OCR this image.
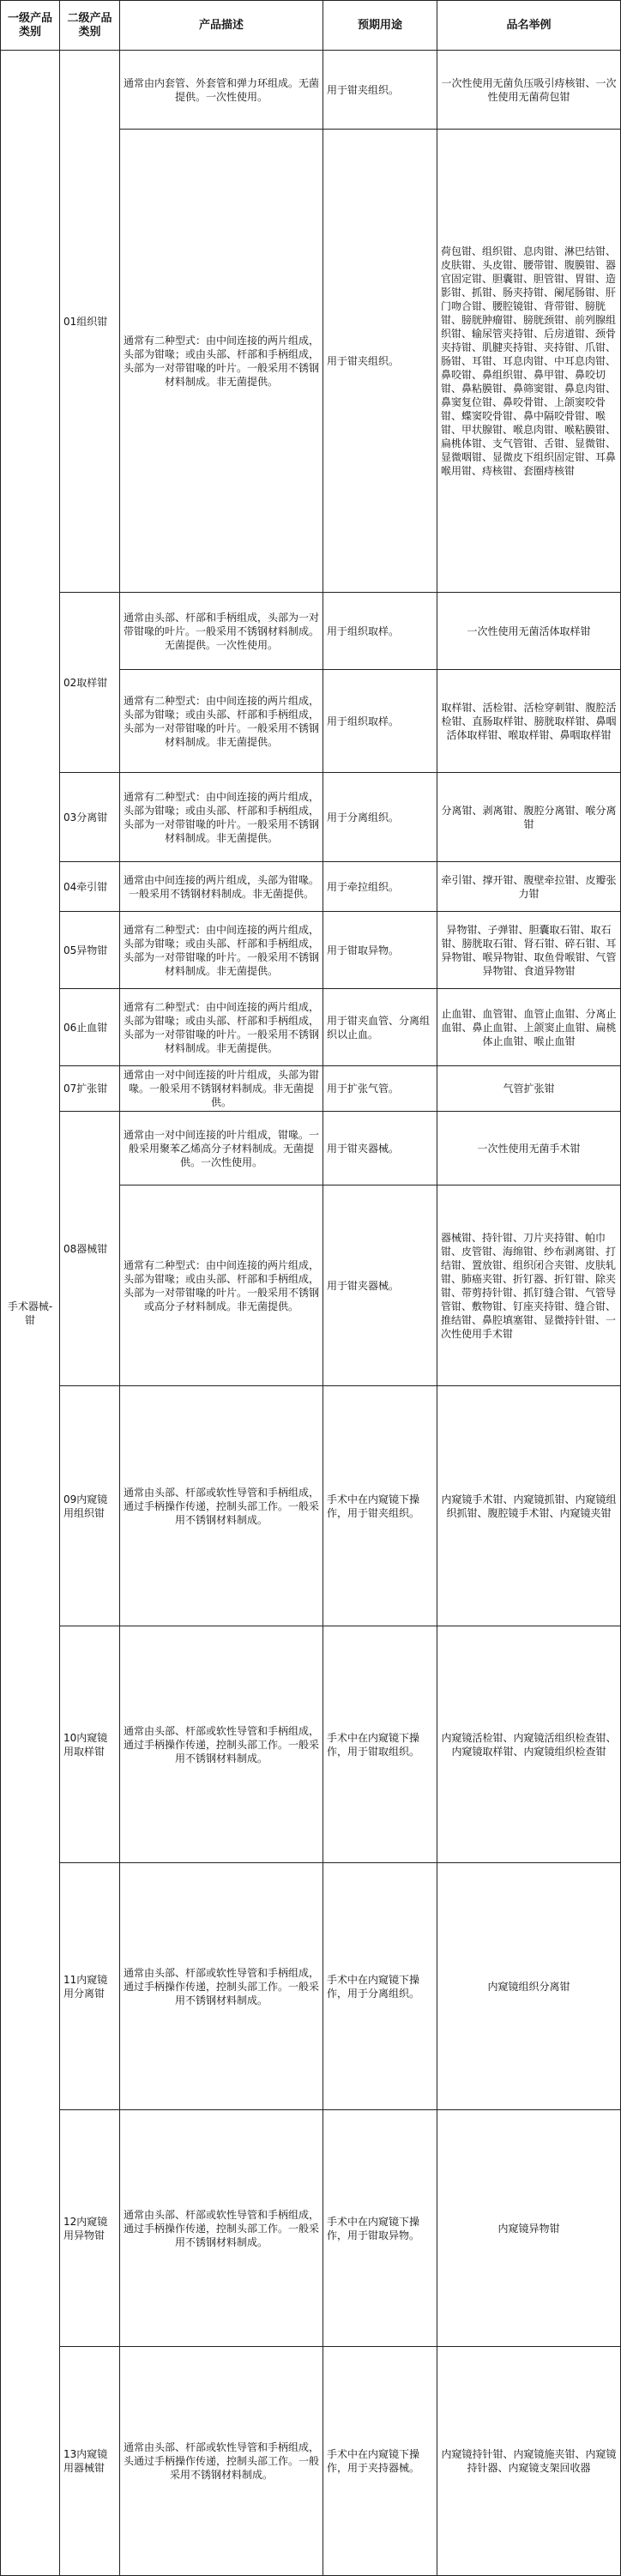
一级产品类别	二级产品类别	产品描述	预期用途	品名举例
手术器械-钳	01组织钳	通常由内套管、外套管和弹力环组成。无菌提供。一次性使用。	用于钳夹组织。	一次性使用无菌负压吸引痔核钳、一次性使用无菌荷包钳
		通常有二种型式：由中间连接的两片组成，头部为钳喙；或由头部、杆部和手柄组成，头部为一对带钳喙的叶片。一般采用不锈钢材料制成。非无菌提供。	用于钳夹组织。	荷包钳、组织钳、息肉钳、淋巴结钳、皮肤钳、头皮钳、腰带钳、腹膜钳、器官固定钳、胆囊钳、胆管钳、胃钳、造影钳、抓钳、肠夹持钳、阑尾肠钳、肝门吻合钳、腰腔镜钳、背带钳、膀胱钳、膀胱肿瘤钳、膀胱颈钳、前列腺组织钳、输尿管夹持钳、后房道钳、颈骨夹持钳、肌腱夹持钳、夹持钳、爪钳、肠钳、耳钳、耳息肉钳、中耳息肉钳、鼻咬钳、鼻组织钳、鼻甲钳、鼻咬切钳、鼻粘膜钳、鼻筛窦钳、鼻息肉钳、鼻窦复位钳、鼻咬骨钳、上颌窦咬骨钳、蝶窦咬骨钳、鼻中隔咬骨钳、喉钳、甲状腺钳、喉息肉钳、喉粘膜钳、扁桃体钳、支气管钳、舌钳、显微钳、显微咽钳、显微皮下组织固定钳、耳鼻喉用钳、痔核钳、套圈痔核钳
	02取样钳	通常由头部、杆部和手柄组成，头部为一对带钳喙的叶片。一般采用不锈钢材料制成。无菌提供。一次性使用。	用于组织取样。	一次性使用无菌活体取样钳
		通常有二种型式：由中间连接的两片组成，头部为钳喙；或由头部、杆部和手柄组成，头部为一对带钳喙的叶片。一般采用不锈钢材料制成。非无菌提供。	用于组织取样。	取样钳、活检钳、活检穿刺钳、腹腔活检钳、直肠取样钳、膀胱取样钳、鼻咽活体取样钳、喉取样钳、鼻咽取样钳
	03分离钳	通常有二种型式：由中间连接的两片组成，头部为钳喙；或由头部、杆部和手柄组成，头部为一对带钳喙的叶片。一般采用不锈钢材料制成。非无菌提供。	用于分离组织。	分离钳、剥离钳、腹腔分离钳、喉分离钳
	04牵引钳	通常由中间连接的两片组成，头部为钳喙。一般采用不锈钢材料制成。非无菌提供。	用于牵拉组织。	牵引钳、撑开钳、腹壁牵拉钳、皮瓣张力钳
	05异物钳	通常有二种型式：由中间连接的两片组成，头部为钳喙；或由头部、杆部和手柄组成，头部为一对带钳喙的叶片。一般采用不锈钢材料制成。非无菌提供。	用于钳取异物。	异物钳、子弹钳、胆囊取石钳、取石钳、膀胱取石钳、肾石钳、碎石钳、耳异物钳、喉异物钳、取鱼骨喉钳、气管异物钳、食道异物钳
	06止血钳	通常有二种型式：由中间连接的两片组成，头部为钳喙；或由头部、杆部和手柄组成，头部为一对带钳喙的叶片。一般采用不锈钢材料制成。非无菌提供。	用于钳夹血管、分离组织以止血。	止血钳、血管钳、血管止血钳、分离止血钳、鼻止血钳、上颌窦止血钳、扁桃体止血钳、喉止血钳
	07扩张钳	通常由一对中间连接的叶片组成，头部为钳喙。一般采用不锈钢材料制成。非无菌提供。	用于扩张气管。	气管扩张钳
	08器械钳	通常由一对中间连接的叶片组成，钳喙。一般采用聚苯乙烯高分子材料制成。无菌提供。一次性使用。	用于钳夹器械。	一次性使用无菌手术钳
		通常有二种型式：由中间连接的两片组成，头部为钳喙；或由头部、杆部和手柄组成，头部为一对带钳喙的叶片。一般采用不锈钢或高分子材料制成。非无菌提供。	用于钳夹器械。	器械钳、持针钳、刀片夹持钳、帕巾钳、皮管钳、海绵钳、纱布剥离钳、打结钳、置放钳、组织闭合夹钳、皮肤轧钳、肺癌夹钳、折钉器、折钉钳、除夹钳、带剪持针钳、抓钉缝合钳、气管导管钳、敷物钳、钉座夹持钳、缝合钳、推结钳、鼻腔填塞钳、显微持针钳、一次性使用手术钳
	09内窥镜用组织钳	通常由头部、杆部或软性导管和手柄组成，通过手柄操作传递，控制头部工作。一般采用不锈钢材料制成。	手术中在内窥镜下操作，用于钳夹组织。	内窥镜手术钳、内窥镜抓钳、内窥镜组织抓钳、腹腔镜手术钳、内窥镜夹钳
	10内窥镜用取样钳	通常由头部、杆部或软性导管和手柄组成，通过手柄操作传递，控制头部工作。一般采用不锈钢材料制成。	手术中在内窥镜下操作，用于钳取组织。	内窥镜活检钳、内窥镜活组织检查钳、内窥镜取样钳、内窥镜组织检查钳
	11内窥镜用分离钳	通常由头部、杆部或软性导管和手柄组成，通过手柄操作传递，控制头部工作。一般采用不锈钢材料制成。	手术中在内窥镜下操作，用于分离组织。	内窥镜组织分离钳
	12内窥镜用异物钳	通常由头部、杆部或软性导管和手柄组成，通过手柄操作传递，控制头部工作。一般采用不锈钢材料制成。	手术中在内窥镜下操作，用于钳取异物。	内窥镜异物钳
	13内窥镜用器械钳	通常由头部、杆部或软性导管和手柄组成，头通过手柄操作传递，控制头部工作。一般采用不锈钢材料制成。	手术中在内窥镜下操作，用于夹持器械。	内窥镜持针钳、内窥镜施夹钳、内窥镜持针器、内窥镜支架回收器
